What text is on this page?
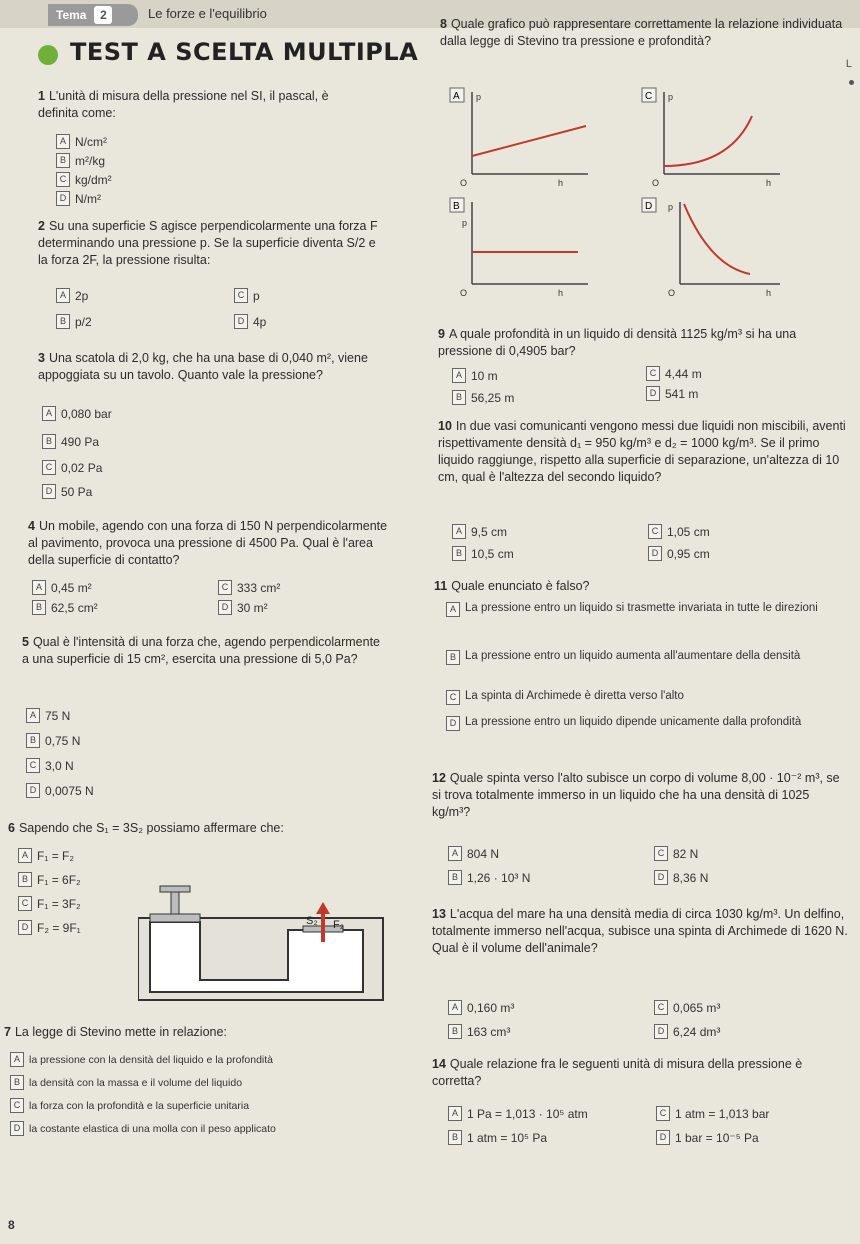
Tema 2	Le forze e l'equilibrio
TEST A SCELTA MULTIPLA	L
1 L'unità di misura della pressione nel SI, il pascal, è definita come:
A N/cm²
B m²/kg
C kg/dm²
D N/m²
2 Su una superficie S agisce perpendicolarmente una forza F determinando una pressione p. Se la superficie diventa S/2 e la forza 2F, la pressione risulta:
A 2p
B p/2
C p
D 4p
3 Una scatola di 2,0 kg, che ha una base di 0,040 m², viene appoggiata su un tavolo. Quanto vale la pressione?
A 0,080 bar
B 490 Pa
C 0,02 Pa
D 50 Pa
4 Un mobile, agendo con una forza di 150 N perpendicolarmente al pavimento, provoca una pressione di 4500 Pa. Qual è l'area della superficie di contatto?
A 0,45 m²
B 62,5 cm²
C 333 cm²
D 30 m²
5 Qual è l'intensità di una forza che, agendo perpendicolarmente a una superficie di 15 cm², esercita una pressione di 5,0 Pa?
A 75 N
B 0,75 N
C 3,0 N
D 0,0075 N
6 Sapendo che S₁ = 3S₂ possiamo affermare che:
A F₁ = F₂
B F₁ = 6F₂
C F₁ = 3F₂
D F₂ = 9F₁	S₂ F₂
7 La legge di Stevino mette in relazione:
A la pressione con la densità del liquido e la profondità
B la densità con la massa e il volume del liquido
C la forza con la profondità e la superficie unitaria
D la costante elastica di una molla con il peso applicato
8 Quale grafico può rappresentare correttamente la relazione individuata dalla legge di Stevino tra pressione e profondità?
A p
O	h
C p
O	h
B
p
O	h
D p
O	h
9 A quale profondità in un liquido di densità 1125 kg/m³ si ha una pressione di 0,4905 bar?
A 10 m
B 56,25 m
C 4,44 m
D 541 m
10 In due vasi comunicanti vengono messi due liquidi non miscibili, aventi rispettivamente densità d₁ = 950 kg/m³ e d₂ = 1000 kg/m³. Se il primo liquido raggiunge, rispetto alla superficie di separazione, un'altezza di 10 cm, qual è l'altezza del secondo liquido?
A 9,5 cm
B 10,5 cm
C 1,05 cm
D 0,95 cm
11 Quale enunciato è falso?
A La pressione entro un liquido si trasmette invariata in tutte le direzioni
B La pressione entro un liquido aumenta all'aumentare della densità
C La spinta di Archimede è diretta verso l'alto
D La pressione entro un liquido dipende unicamente dalla profondità
12 Quale spinta verso l'alto subisce un corpo di volume 8,00 · 10⁻² m³, se si trova totalmente immerso in un liquido che ha una densità di 1025 kg/m³?
A 804 N
B 1,26 · 10³ N
C 82 N
D 8,36 N
13 L'acqua del mare ha una densità media di circa 1030 kg/m³. Un delfino, totalmente immerso nell'acqua, subisce una spinta di Archimede di 1620 N. Qual è il volume dell'animale?
A 0,160 m³
B 163 cm³
C 0,065 m³
D 6,24 dm³
14 Quale relazione fra le seguenti unità di misura della pressione è corretta?
A 1 Pa = 1,013 · 10⁵ atm
B 1 atm = 10⁵ Pa
C 1 atm = 1,013 bar
D 1 bar = 10⁻⁵ Pa
8
